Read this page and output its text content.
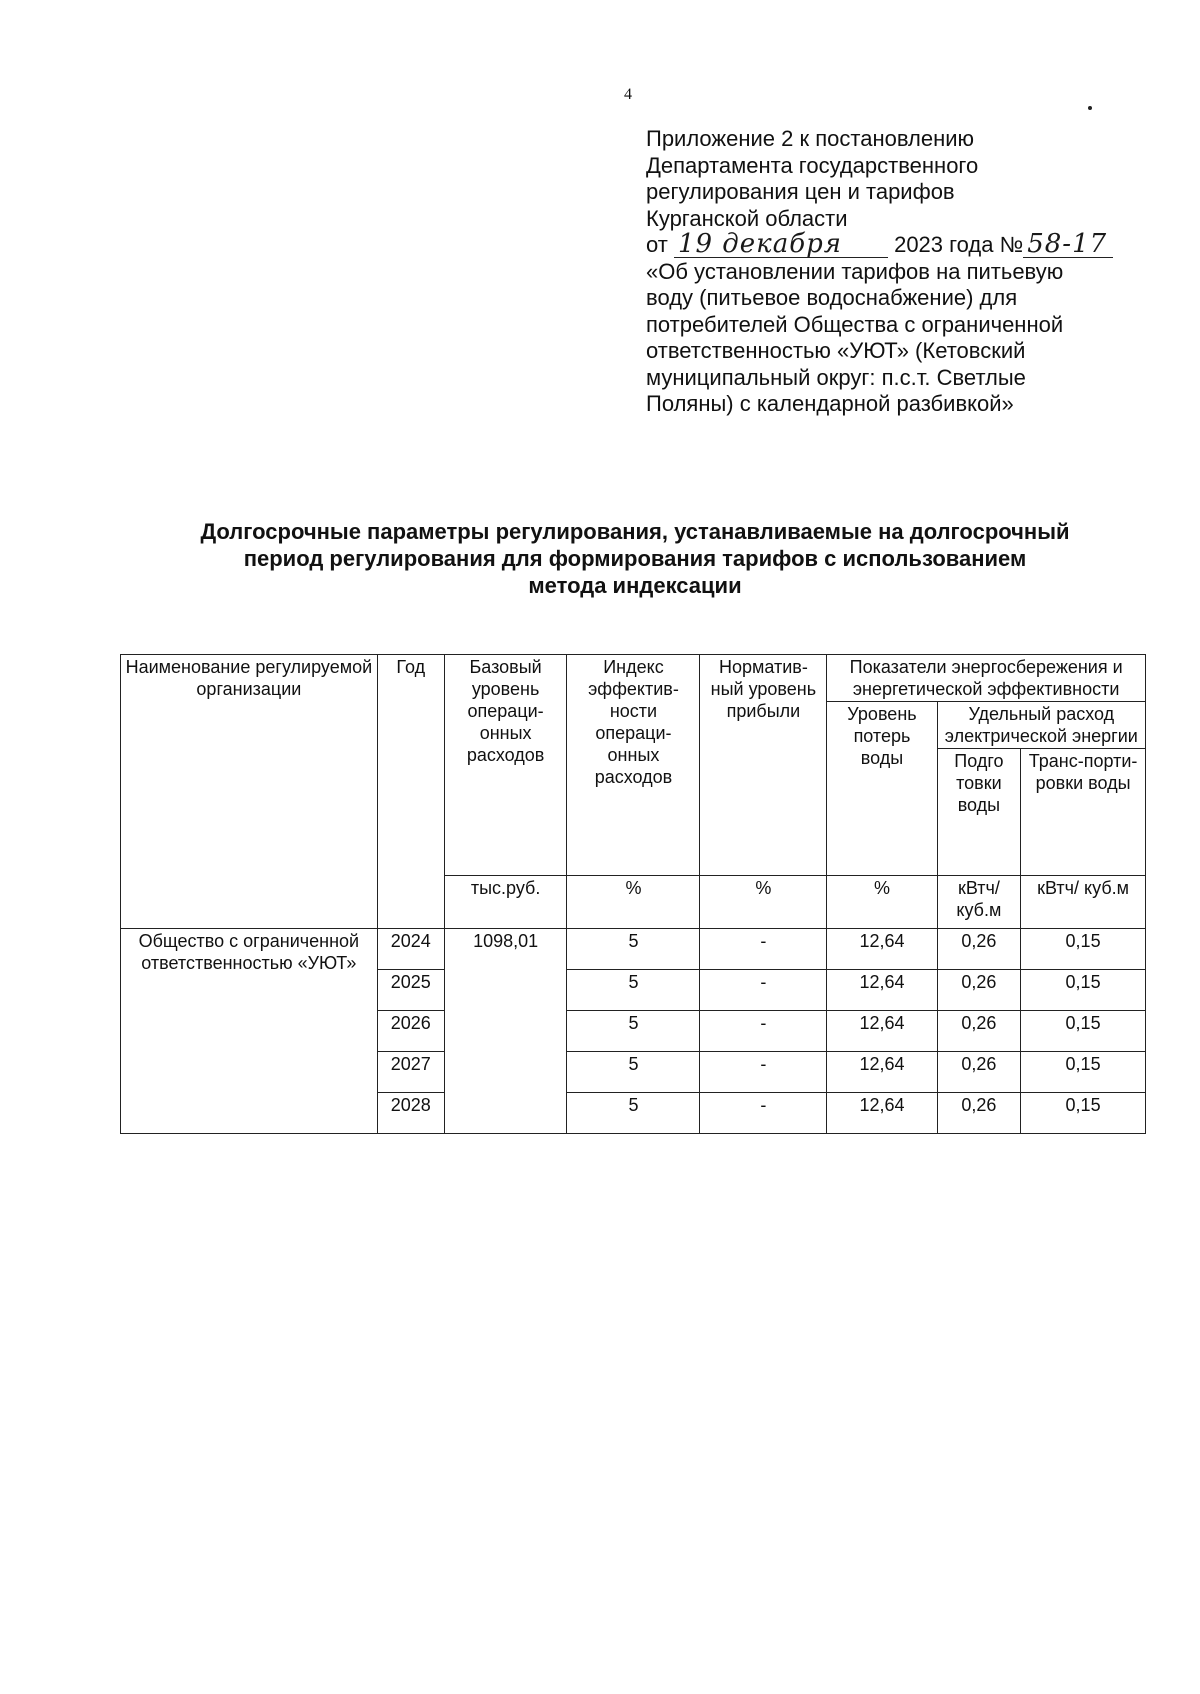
4
Приложение 2 к постановлению
Департамента государственного
регулирования цен и тарифов
Курганской области
от 19 декабря 2023 года № 58-17
«Об установлении тарифов на питьевую
воду (питьевое водоснабжение) для
потребителей Общества с ограниченной
ответственностью «УЮТ» (Кетовский
муниципальный округ: п.с.т. Светлые
Поляны) с календарной разбивкой»
Долгосрочные параметры регулирования, устанавливаемые на долгосрочный
период регулирования для формирования тарифов с использованием
метода индексации
Наименование регулируемой организации	Год	Базовый уровень операци-онных расходов	Индекс эффектив-ности операци-онных расходов	Норматив-ный уровень прибыли	Показатели энергосбережения и энергетической эффективности		
					Уровень потерь воды	Удельный расход электрической энергии	
						Подго товки воды	Транс-порти-ровки воды
		тыс.руб.	%	%	%	кВтч/ куб.м	кВтч/ куб.м
Общество с ограниченной ответственностью «УЮТ»	2024	1098,01	5	-	12,64	0,26	0,15
	2025		5	-	12,64	0,26	0,15
	2026		5	-	12,64	0,26	0,15
	2027		5	-	12,64	0,26	0,15
	2028		5	-	12,64	0,26	0,15
